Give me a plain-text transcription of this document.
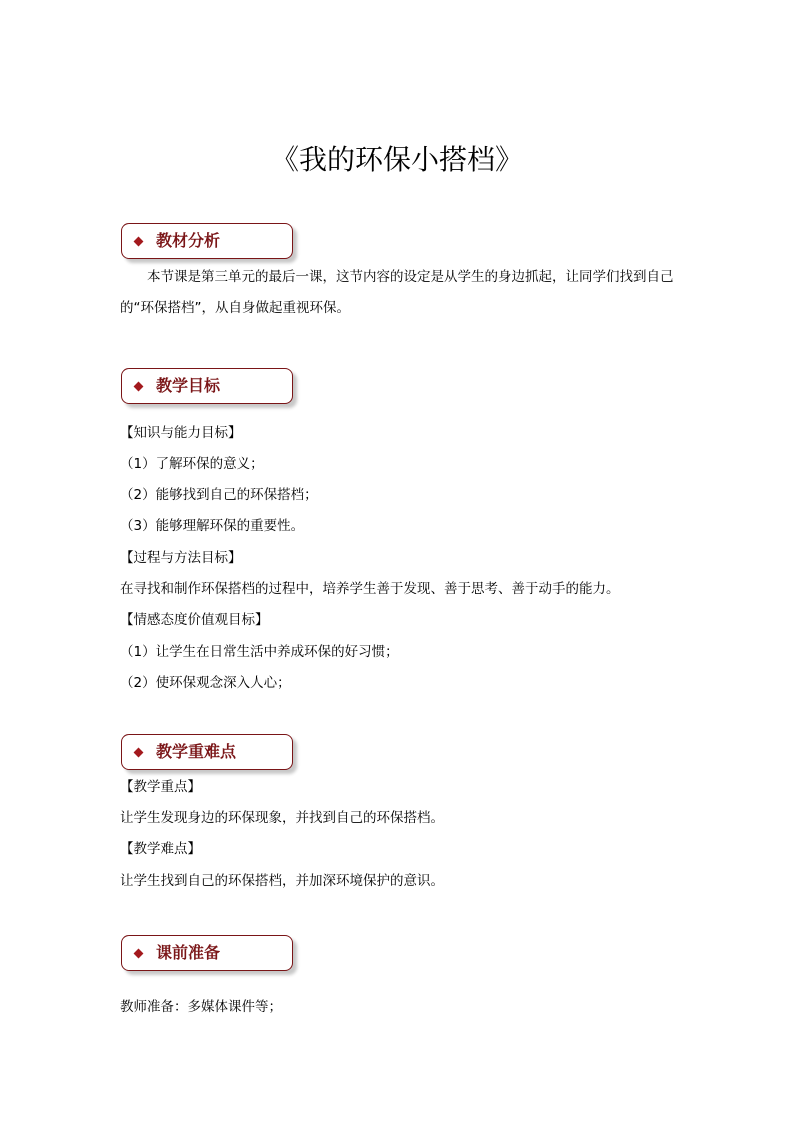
《我的环保小搭档》
教材分析
本节课是第三单元的最后一课，这节内容的设定是从学生的身边抓起，让同学们找到自己的“环保搭档”，从自身做起重视环保。
教学目标
【知识与能力目标】
（1）了解环保的意义；
（2）能够找到自己的环保搭档；
（3）能够理解环保的重要性。
【过程与方法目标】
在寻找和制作环保搭档的过程中，培养学生善于发现、善于思考、善于动手的能力。
【情感态度价值观目标】
（1）让学生在日常生活中养成环保的好习惯；
（2）使环保观念深入人心；
教学重难点
【教学重点】
让学生发现身边的环保现象，并找到自己的环保搭档。
【教学难点】
让学生找到自己的环保搭档，并加深环境保护的意识。
课前准备
教师准备：多媒体课件等；
